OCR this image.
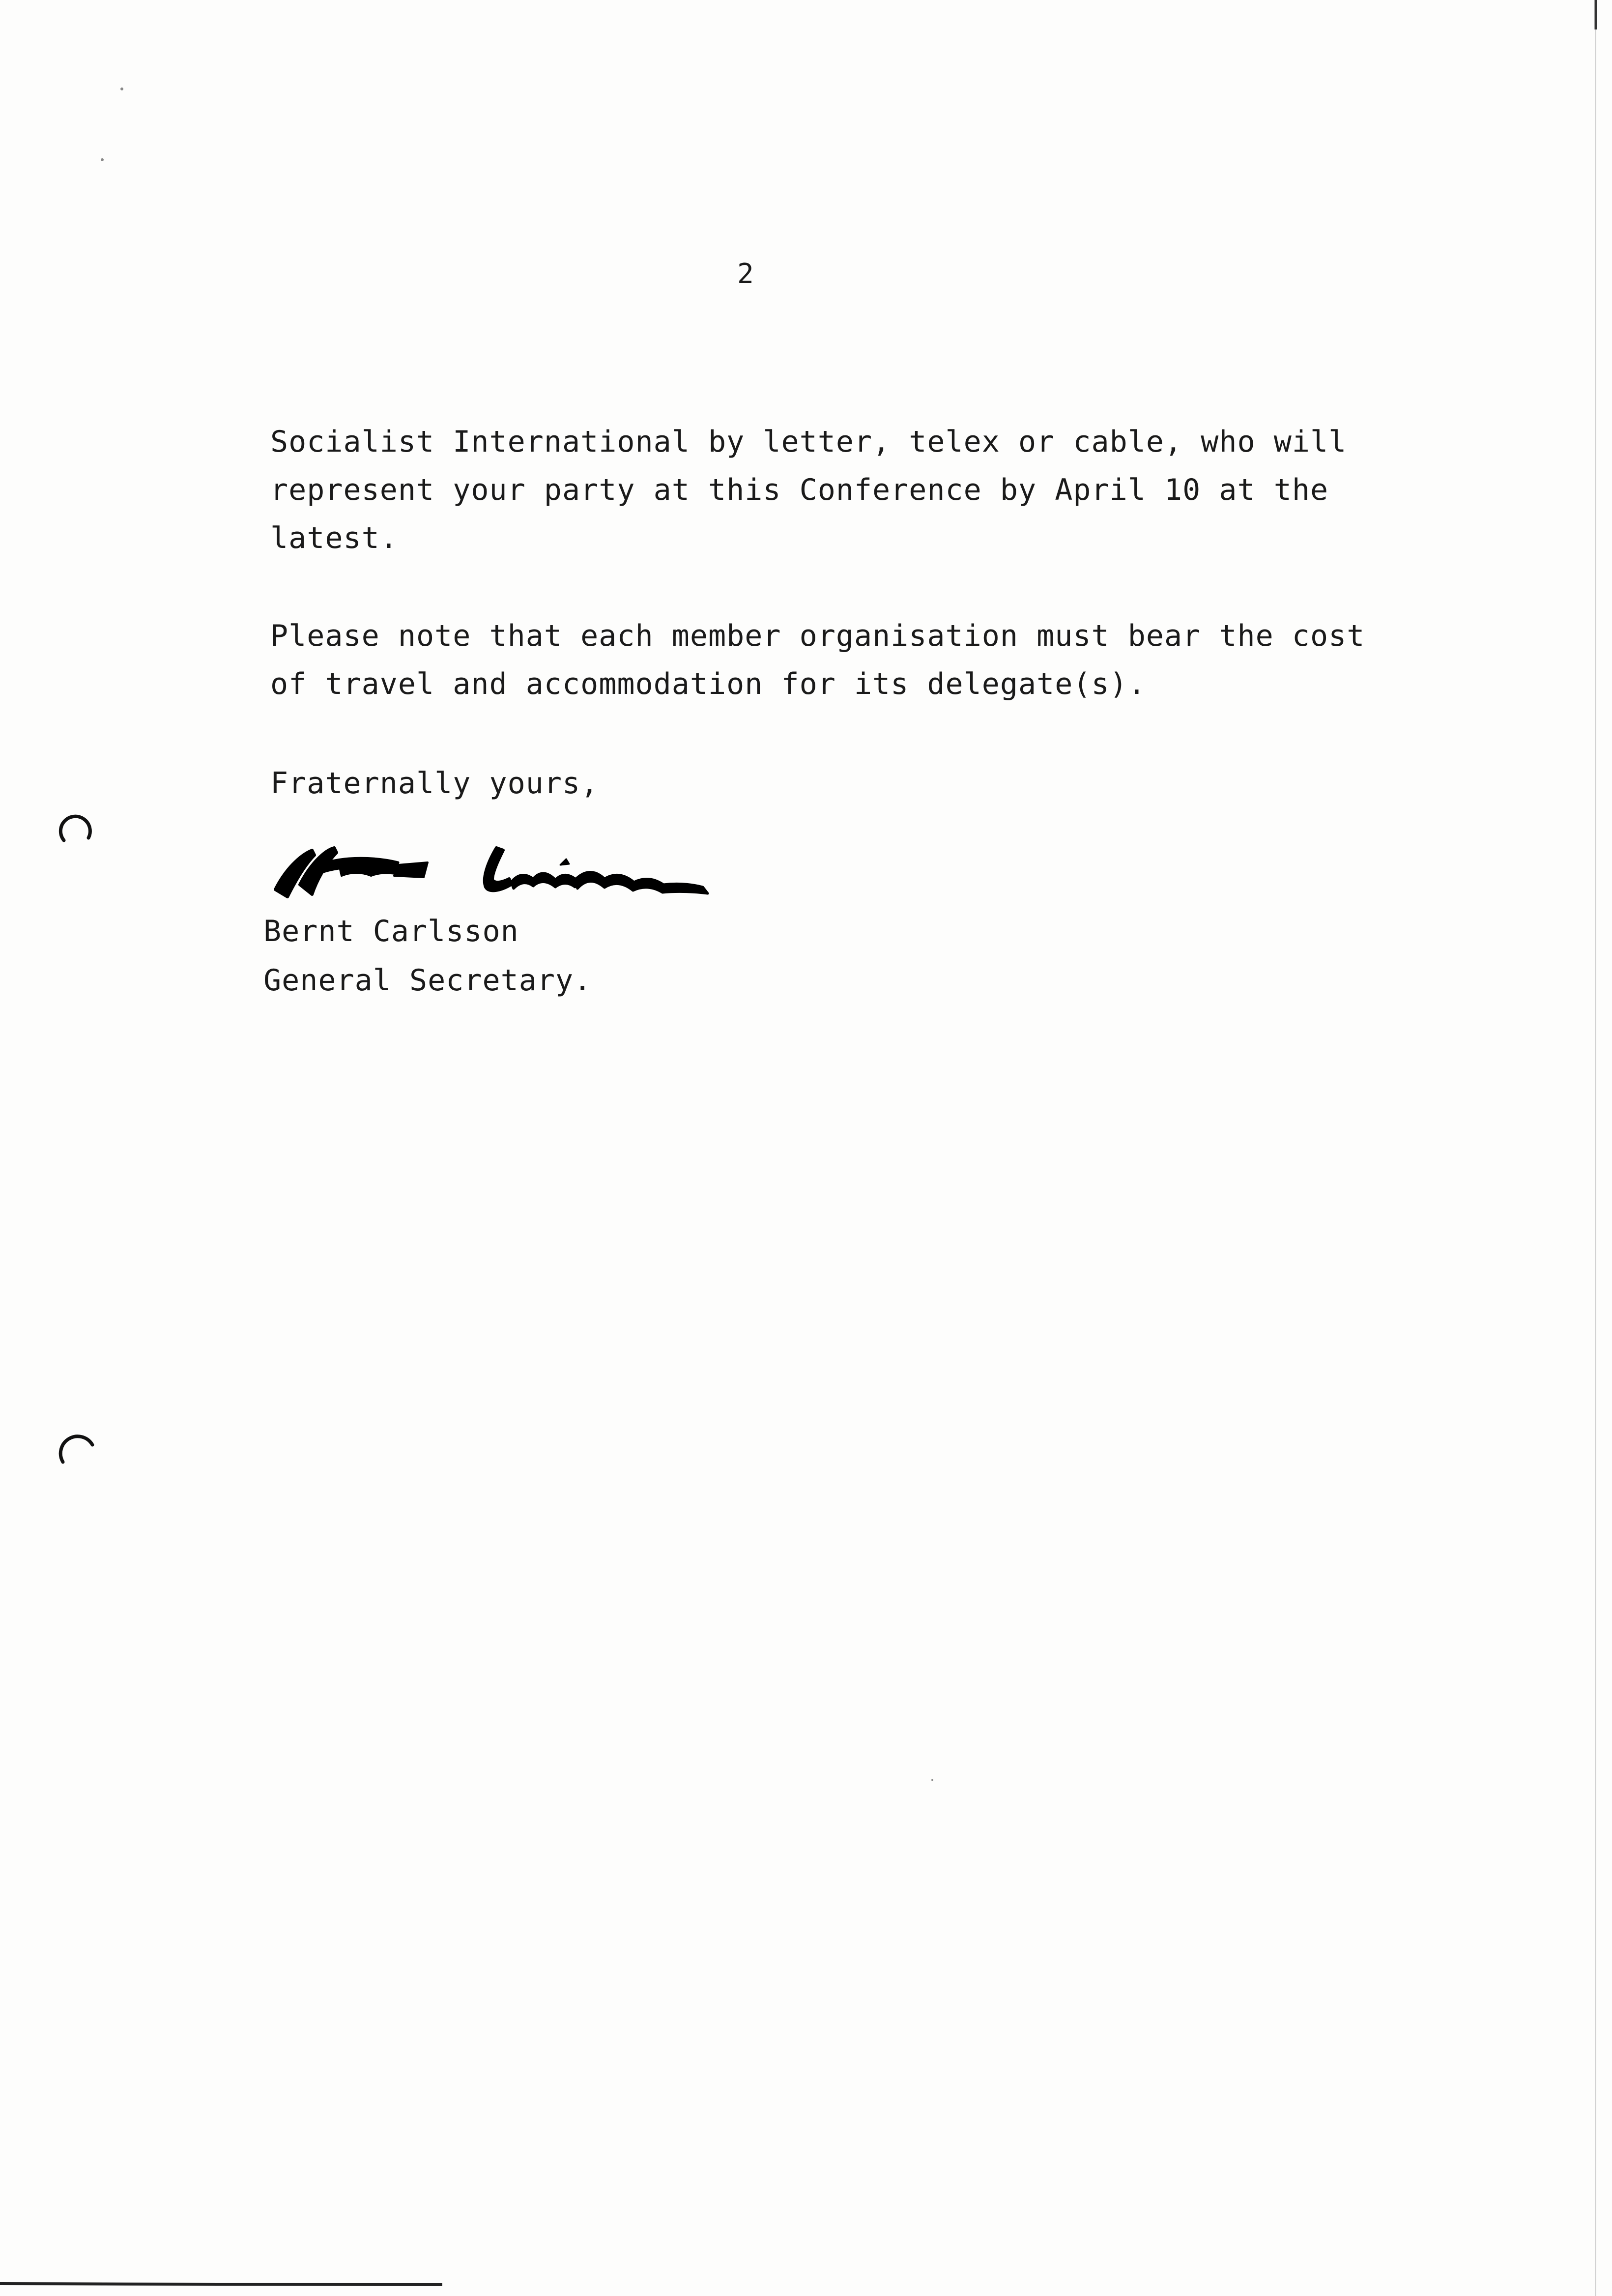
2
Socialist International by letter, telex or cable, who will
represent your party at this Conference by April 10 at the
latest.
Please note that each member organisation must bear the cost
of travel and accommodation for its delegate(s).
Fraternally yours,
Bernt Carlsson
General Secretary.
